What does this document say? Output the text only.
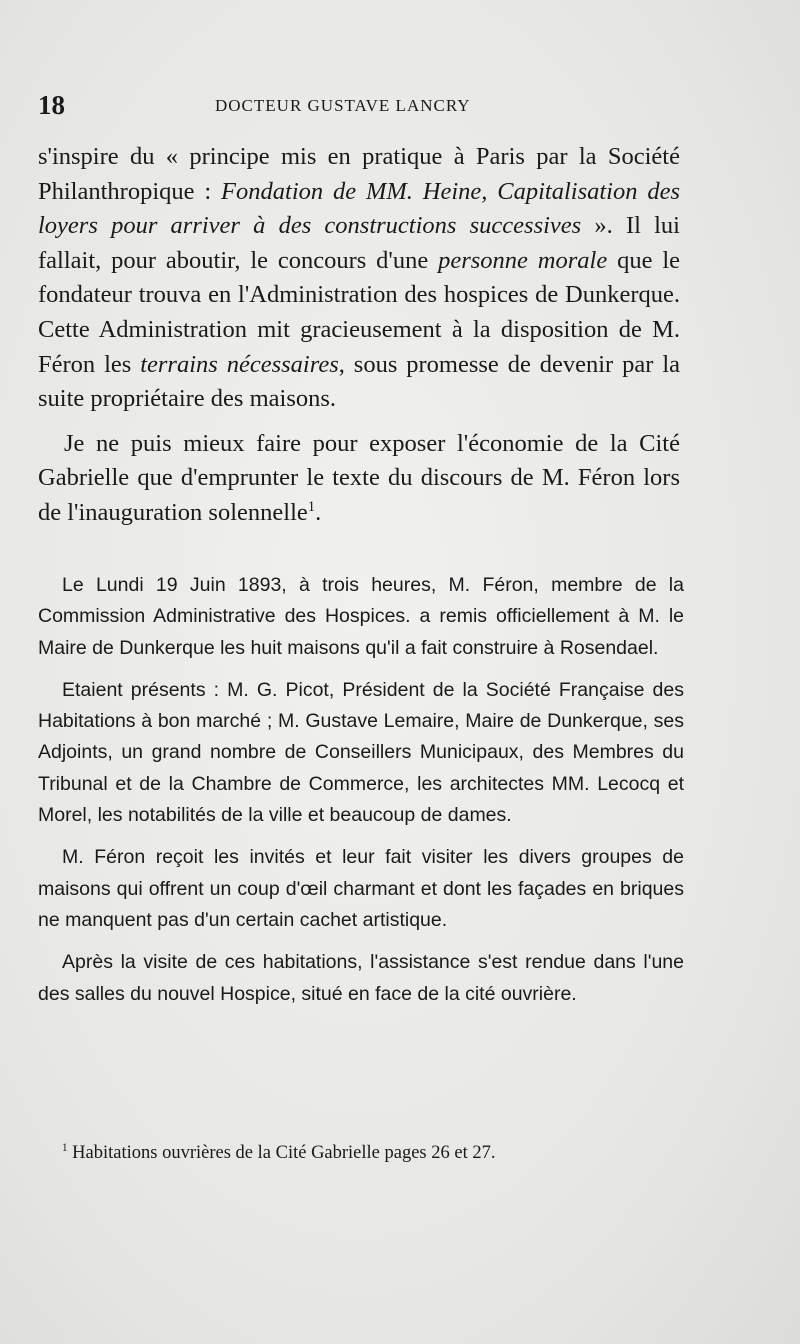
18	DOCTEUR GUSTAVE LANCRY

s'inspire du « principe mis en pratique à Paris par la Société Philanthropique : Fondation de MM. Heine, Capitalisation des loyers pour arriver à des constructions successives ». Il lui fallait, pour aboutir, le concours d'une personne morale que le fondateur trouva en l'Administration des hospices de Dunkerque. Cette Administration mit gracieusement à la disposition de M. Féron les terrains nécessaires, sous promesse de devenir par la suite propriétaire des maisons.

Je ne puis mieux faire pour exposer l'économie de la Cité Gabrielle que d'emprunter le texte du discours de M. Féron lors de l'inauguration solennelle$^1$.

Le Lundi 19 Juin 1893, à trois heures, M. Féron, membre de la Commission Administrative des Hospices. a remis officiellement à M. le Maire de Dunkerque les huit maisons qu'il a fait construire à Rosendael.

Etaient présents : M. G. Picot, Président de la Société Française des Habitations à bon marché ; M. Gustave Lemaire, Maire de Dunkerque, ses Adjoints, un grand nombre de Conseillers Municipaux, des Membres du Tribunal et de la Chambre de Commerce, les architectes MM. Lecocq et Morel, les notabilités de la ville et beaucoup de dames.

M. Féron reçoit les invités et leur fait visiter les divers groupes de maisons qui offrent un coup d'œil charmant et dont les façades en briques ne manquent pas d'un certain cachet artistique.

Après la visite de ces habitations, l'assistance s'est rendue dans l'une des salles du nouvel Hospice, situé en face de la cité ouvrière.

$^1$ Habitations ouvrières de la Cité Gabrielle pages 26 et 27.
